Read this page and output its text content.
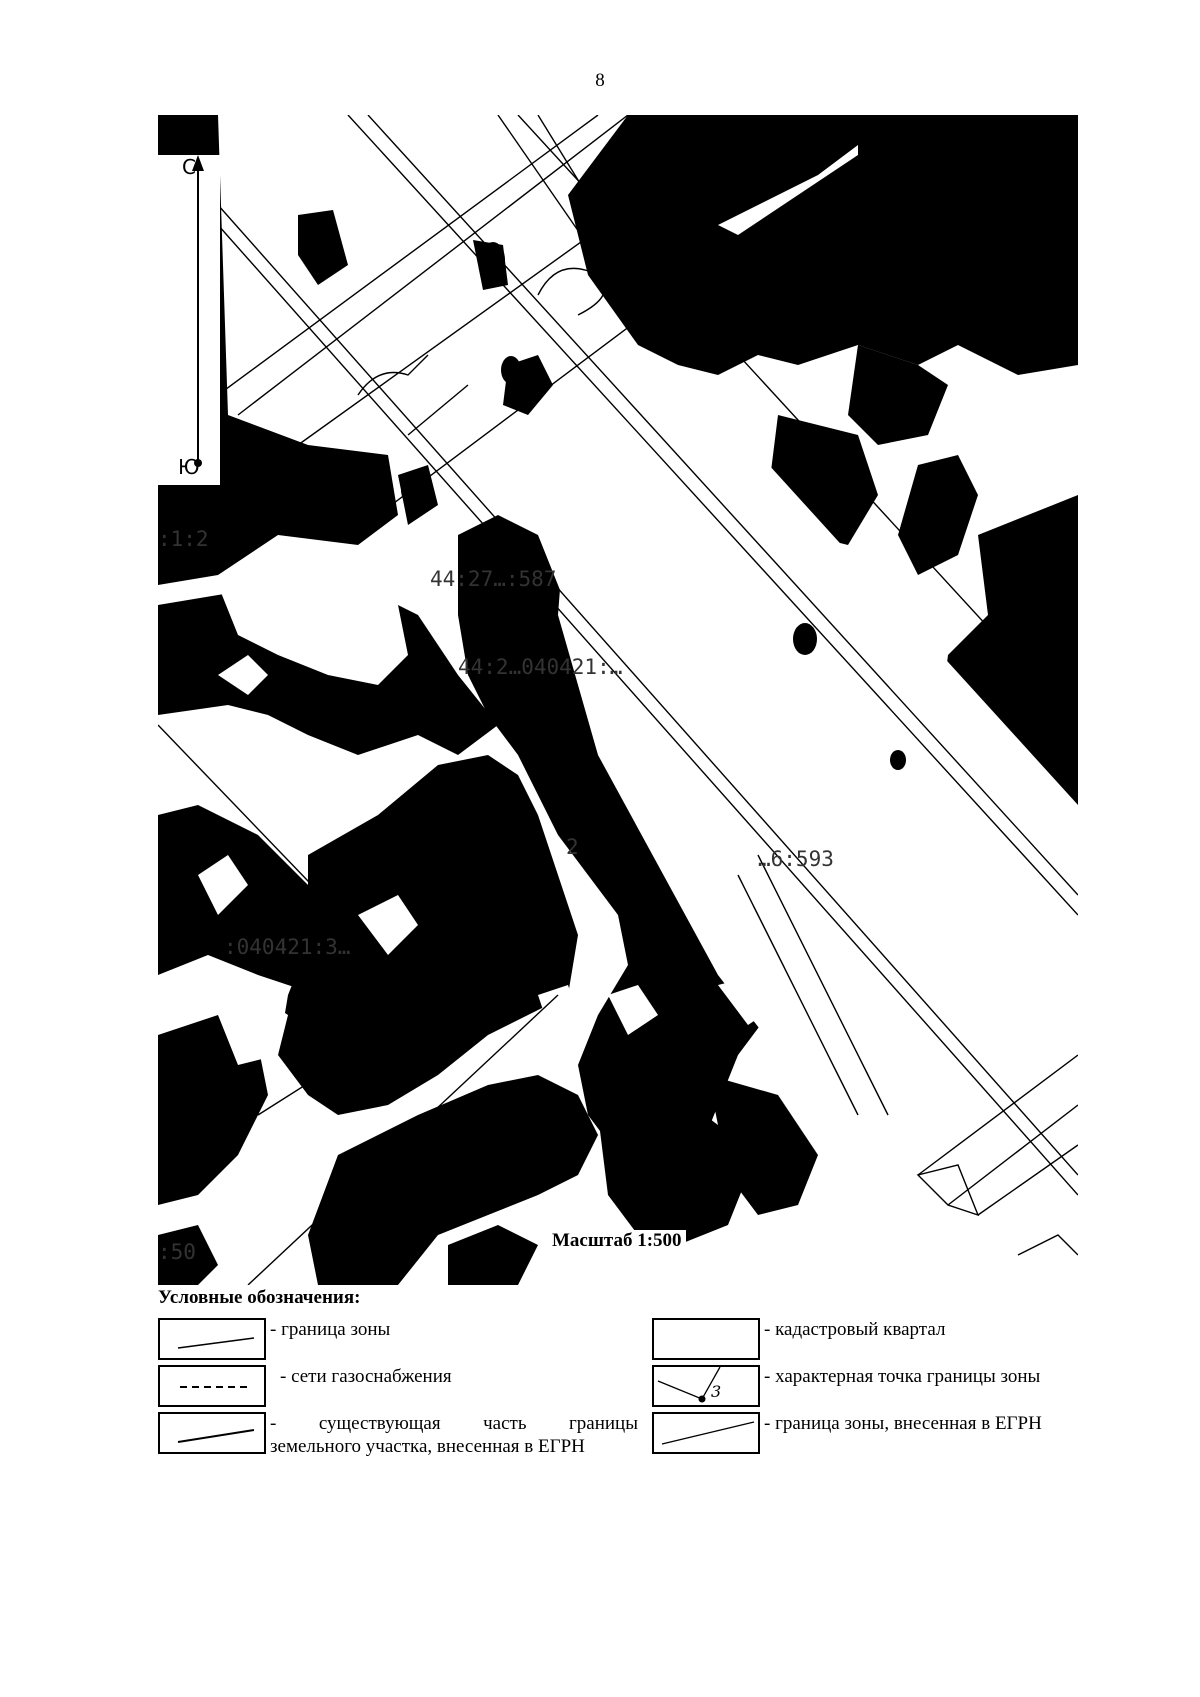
8
С
Ю
:1:2
44:27…:587
44:2…040421:…
…6:593
2
:040421:3…
:50	Масштаб 1:500
Условные обозначения:
- граница зоны
- сети газоснабжения
- существующая часть границы
земельного участка, внесенная в ЕГРН
- кадастровый квартал
3
- характерная точка границы зоны
- граница зоны, внесенная в ЕГРН
